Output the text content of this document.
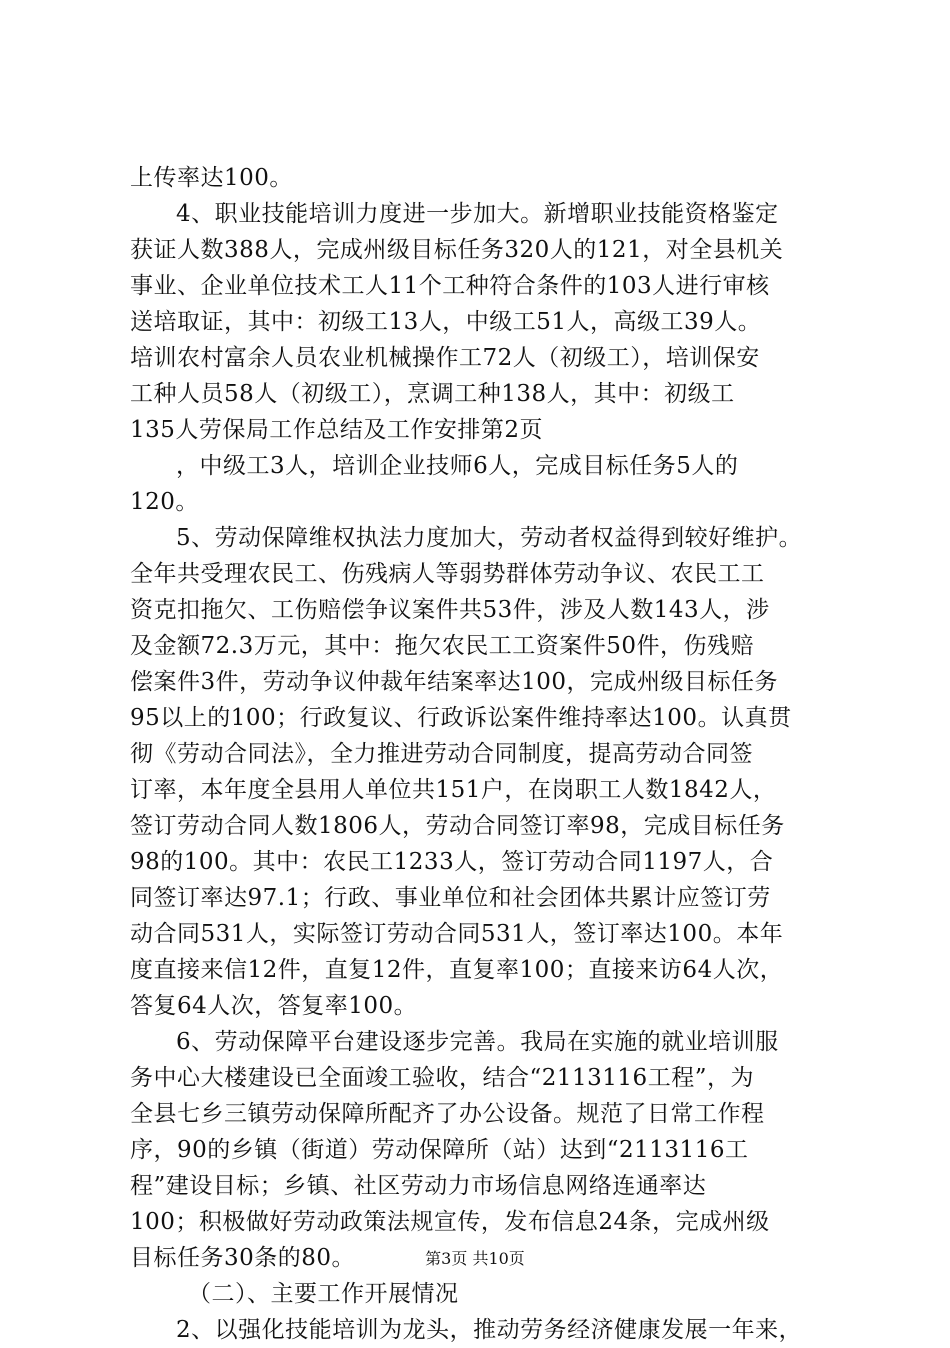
上传率达100。
4、职业技能培训力度进一步加大。新增职业技能资格鉴定
获证人数388人，完成州级目标任务320人的121，对全县机关
事业、企业单位技术工人11个工种符合条件的103人进行审核
送培取证，其中：初级工13人，中级工51人，高级工39人。
培训农村富余人员农业机械操作工72人（初级工），培训保安
工种人员58人（初级工），烹调工种138人，其中：初级工
135人劳保局工作总结及工作安排第2页
，中级工3人，培训企业技师6人，完成目标任务5人的
120。
5、劳动保障维权执法力度加大，劳动者权益得到较好维护。
全年共受理农民工、伤残病人等弱势群体劳动争议、农民工工
资克扣拖欠、工伤赔偿争议案件共53件，涉及人数143人，涉
及金额72.3万元，其中：拖欠农民工工资案件50件，伤残赔
偿案件3件，劳动争议仲裁年结案率达100，完成州级目标任务
95以上的100；行政复议、行政诉讼案件维持率达100。认真贯
彻《劳动合同法》，全力推进劳动合同制度，提高劳动合同签
订率，本年度全县用人单位共151户，在岗职工人数1842人，
签订劳动合同人数1806人，劳动合同签订率98，完成目标任务
98的100。其中：农民工1233人，签订劳动合同1197人，合
同签订率达97.1；行政、事业单位和社会团体共累计应签订劳
动合同531人，实际签订劳动合同531人，签订率达100。本年
度直接来信12件，直复12件，直复率100；直接来访64人次，
答复64人次，答复率100。
6、劳动保障平台建设逐步完善。我局在实施的就业培训服
务中心大楼建设已全面竣工验收，结合“2113116工程”，为
全县七乡三镇劳动保障所配齐了办公设备。规范了日常工作程
序，90的乡镇（街道）劳动保障所（站）达到“2113116工
程”建设目标；乡镇、社区劳动力市场信息网络连通率达
100；积极做好劳动政策法规宣传，发布信息24条，完成州级
目标任务30条的80。
（二）、主要工作开展情况
2、以强化技能培训为龙头，推动劳务经济健康发展一年来，
第3页 共10页
